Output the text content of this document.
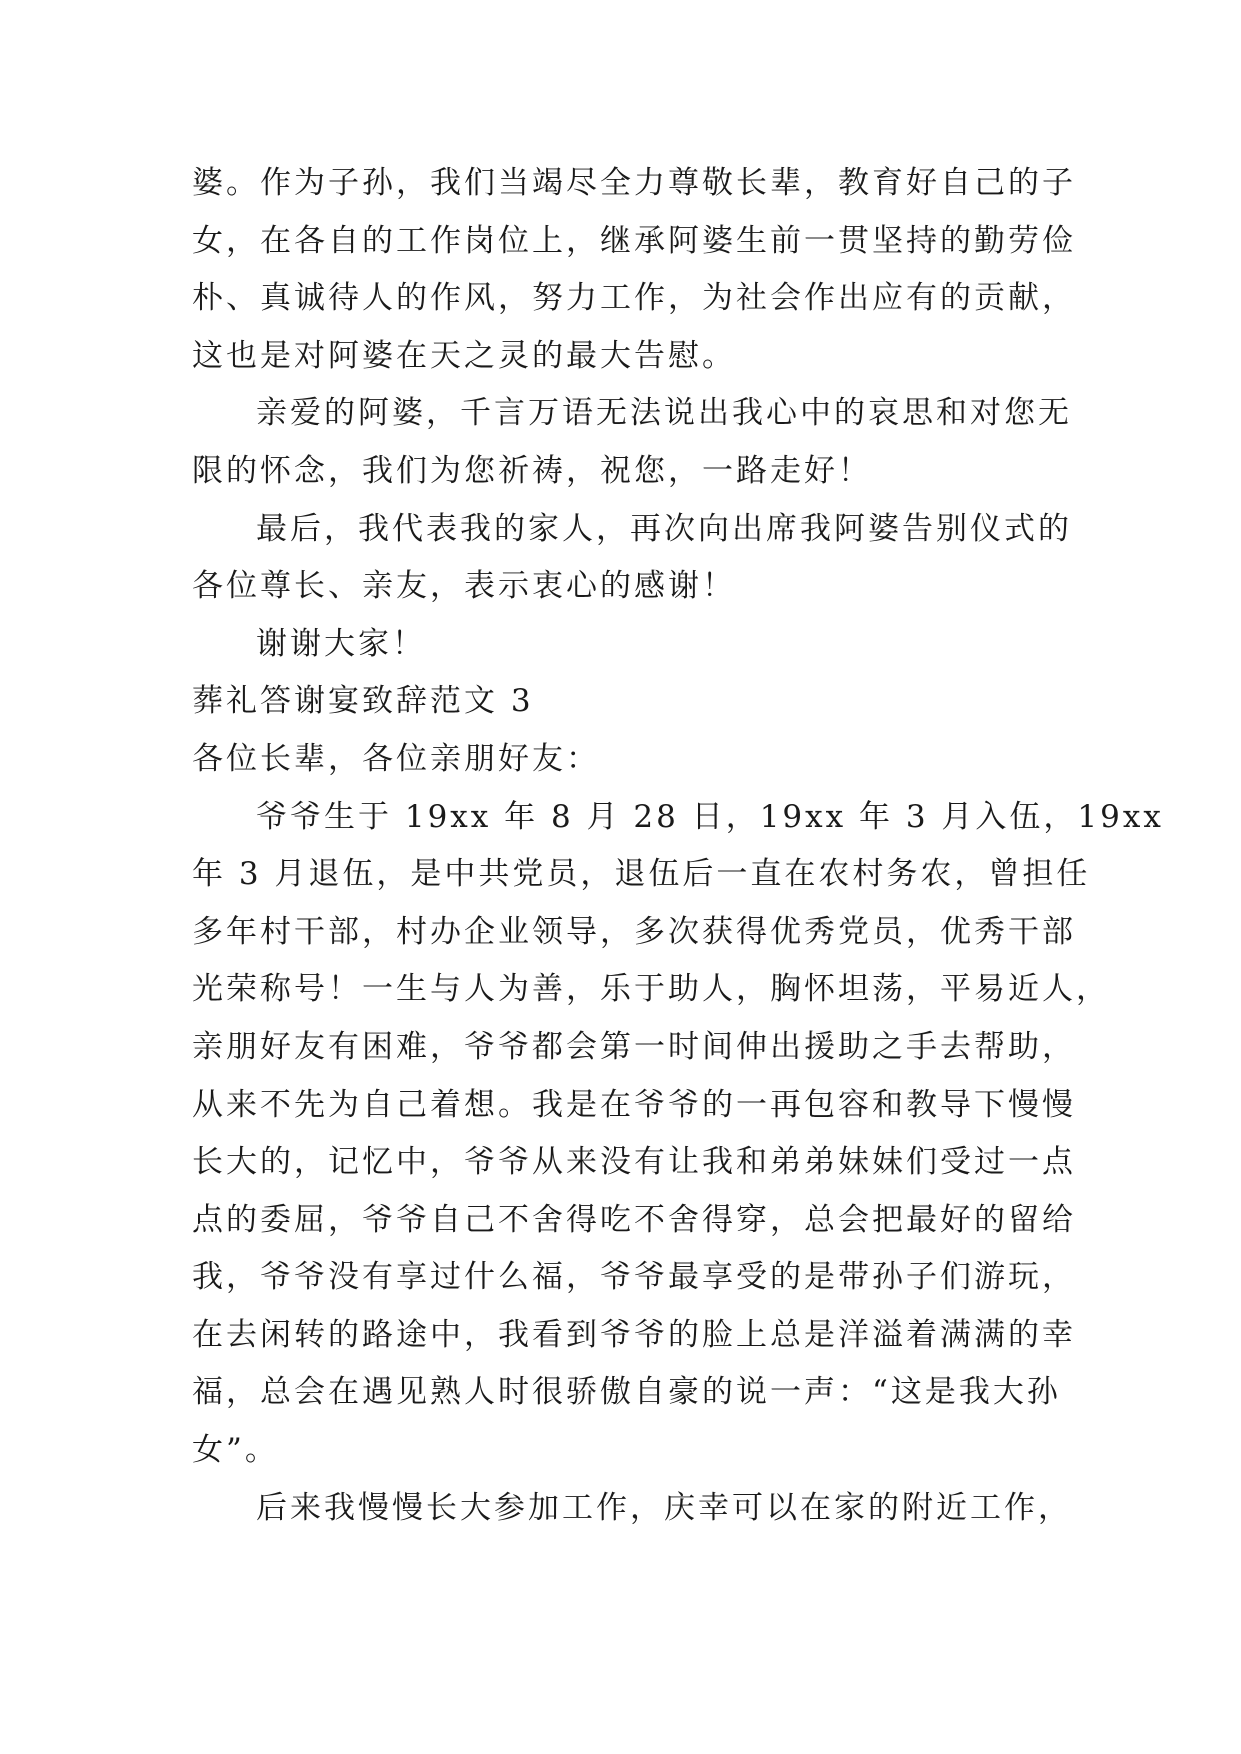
婆。作为子孙，我们当竭尽全力尊敬长辈，教育好自己的子
女，在各自的工作岗位上，继承阿婆生前一贯坚持的勤劳俭
朴、真诚待人的作风，努力工作，为社会作出应有的贡献，
这也是对阿婆在天之灵的最大告慰。
亲爱的阿婆，千言万语无法说出我心中的哀思和对您无
限的怀念，我们为您祈祷，祝您，一路走好！
最后，我代表我的家人，再次向出席我阿婆告别仪式的
各位尊长、亲友，表示衷心的感谢！
谢谢大家！
葬礼答谢宴致辞范文 3
各位长辈，各位亲朋好友：
爷爷生于 19xx 年 8 月 28 日，19xx 年 3 月入伍，19xx
年 3 月退伍，是中共党员，退伍后一直在农村务农，曾担任
多年村干部，村办企业领导，多次获得优秀党员，优秀干部
光荣称号！一生与人为善，乐于助人，胸怀坦荡，平易近人，
亲朋好友有困难，爷爷都会第一时间伸出援助之手去帮助，
从来不先为自己着想。我是在爷爷的一再包容和教导下慢慢
长大的，记忆中，爷爷从来没有让我和弟弟妹妹们受过一点
点的委屈，爷爷自己不舍得吃不舍得穿，总会把最好的留给
我，爷爷没有享过什么福，爷爷最享受的是带孙子们游玩，
在去闲转的路途中，我看到爷爷的脸上总是洋溢着满满的幸
福，总会在遇见熟人时很骄傲自豪的说一声：“这是我大孙
女”。
后来我慢慢长大参加工作，庆幸可以在家的附近工作，
